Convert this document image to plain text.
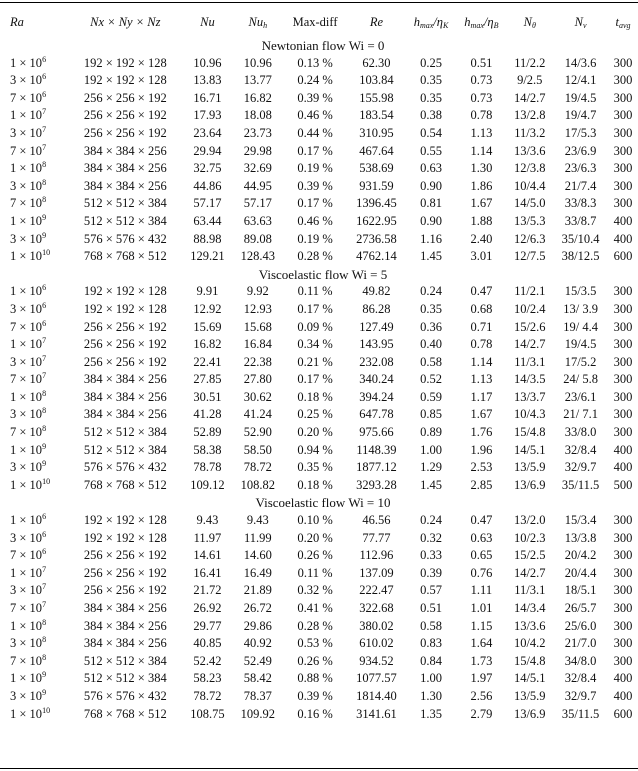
Ra	Nx × Ny × Nz	Nu	$Nu_h$	Max-diff	Re	$h_{max}/\eta_K$	$h_{max}/\eta_B$	$N_\theta$	$N_v$	$t_{avg}$
Newtonian flow Wi = 0										
$1 \times 10^6$	192 × 192 × 128	10.96	10.96	0.13 %	62.30	0.25	0.51	11/2.2	14/3.6	300
$3 \times 10^6$	192 × 192 × 128	13.83	13.77	0.24 %	103.84	0.35	0.73	9/2.5	12/4.1	300
$7 \times 10^6$	256 × 256 × 192	16.71	16.82	0.39 %	155.98	0.35	0.73	14/2.7	19/4.5	300
$1 \times 10^7$	256 × 256 × 192	17.93	18.08	0.46 %	183.54	0.38	0.78	13/2.8	19/4.7	300
$3 \times 10^7$	256 × 256 × 192	23.64	23.73	0.44 %	310.95	0.54	1.13	11/3.2	17/5.3	300
$7 \times 10^7$	384 × 384 × 256	29.94	29.98	0.17 %	467.64	0.55	1.14	13/3.6	23/6.9	300
$1 \times 10^8$	384 × 384 × 256	32.75	32.69	0.19 %	538.69	0.63	1.30	12/3.8	23/6.3	300
$3 \times 10^8$	384 × 384 × 256	44.86	44.95	0.39 %	931.59	0.90	1.86	10/4.4	21/7.4	300
$7 \times 10^8$	512 × 512 × 384	57.17	57.17	0.17 %	1396.45	0.81	1.67	14/5.0	33/8.3	300
$1 \times 10^9$	512 × 512 × 384	63.44	63.63	0.46 %	1622.95	0.90	1.88	13/5.3	33/8.7	400
$3 \times 10^9$	576 × 576 × 432	88.98	89.08	0.19 %	2736.58	1.16	2.40	12/6.3	35/10.4	400
$1 \times 10^{10}$	768 × 768 × 512	129.21	128.43	0.28 %	4762.14	1.45	3.01	12/7.5	38/12.5	600
Viscoelastic flow Wi = 5										
$1 \times 10^6$	192 × 192 × 128	9.91	9.92	0.11 %	49.82	0.24	0.47	11/2.1	15/3.5	300
$3 \times 10^6$	192 × 192 × 128	12.92	12.93	0.17 %	86.28	0.35	0.68	10/2.4	13/ 3.9	300
$7 \times 10^6$	256 × 256 × 192	15.69	15.68	0.09 %	127.49	0.36	0.71	15/2.6	19/ 4.4	300
$1 \times 10^7$	256 × 256 × 192	16.82	16.84	0.34 %	143.95	0.40	0.78	14/2.7	19/4.5	300
$3 \times 10^7$	256 × 256 × 192	22.41	22.38	0.21 %	232.08	0.58	1.14	11/3.1	17/5.2	300
$7 \times 10^7$	384 × 384 × 256	27.85	27.80	0.17 %	340.24	0.52	1.13	14/3.5	24/ 5.8	300
$1 \times 10^8$	384 × 384 × 256	30.51	30.62	0.18 %	394.24	0.59	1.17	13/3.7	23/6.1	300
$3 \times 10^8$	384 × 384 × 256	41.28	41.24	0.25 %	647.78	0.85	1.67	10/4.3	21/ 7.1	300
$7 \times 10^8$	512 × 512 × 384	52.89	52.90	0.20 %	975.66	0.89	1.76	15/4.8	33/8.0	300
$1 \times 10^9$	512 × 512 × 384	58.38	58.50	0.94 %	1148.39	1.00	1.96	14/5.1	32/8.4	400
$3 \times 10^9$	576 × 576 × 432	78.78	78.72	0.35 %	1877.12	1.29	2.53	13/5.9	32/9.7	400
$1 \times 10^{10}$	768 × 768 × 512	109.12	108.82	0.18 %	3293.28	1.45	2.85	13/6.9	35/11.5	500
Viscoelastic flow Wi = 10										
$1 \times 10^6$	192 × 192 × 128	9.43	9.43	0.10 %	46.56	0.24	0.47	13/2.0	15/3.4	300
$3 \times 10^6$	192 × 192 × 128	11.97	11.99	0.20 %	77.77	0.32	0.63	10/2.3	13/3.8	300
$7 \times 10^6$	256 × 256 × 192	14.61	14.60	0.26 %	112.96	0.33	0.65	15/2.5	20/4.2	300
$1 \times 10^7$	256 × 256 × 192	16.41	16.49	0.11 %	137.09	0.39	0.76	14/2.7	20/4.4	300
$3 \times 10^7$	256 × 256 × 192	21.72	21.89	0.32 %	222.47	0.57	1.11	11/3.1	18/5.1	300
$7 \times 10^7$	384 × 384 × 256	26.92	26.72	0.41 %	322.68	0.51	1.01	14/3.4	26/5.7	300
$1 \times 10^8$	384 × 384 × 256	29.77	29.86	0.28 %	380.02	0.58	1.15	13/3.6	25/6.0	300
$3 \times 10^8$	384 × 384 × 256	40.85	40.92	0.53 %	610.02	0.83	1.64	10/4.2	21/7.0	300
$7 \times 10^8$	512 × 512 × 384	52.42	52.49	0.26 %	934.52	0.84	1.73	15/4.8	34/8.0	300
$1 \times 10^9$	512 × 512 × 384	58.23	58.42	0.88 %	1077.57	1.00	1.97	14/5.1	32/8.4	400
$3 \times 10^9$	576 × 576 × 432	78.72	78.37	0.39 %	1814.40	1.30	2.56	13/5.9	32/9.7	400
$1 \times 10^{10}$	768 × 768 × 512	108.75	109.92	0.16 %	3141.61	1.35	2.79	13/6.9	35/11.5	600
